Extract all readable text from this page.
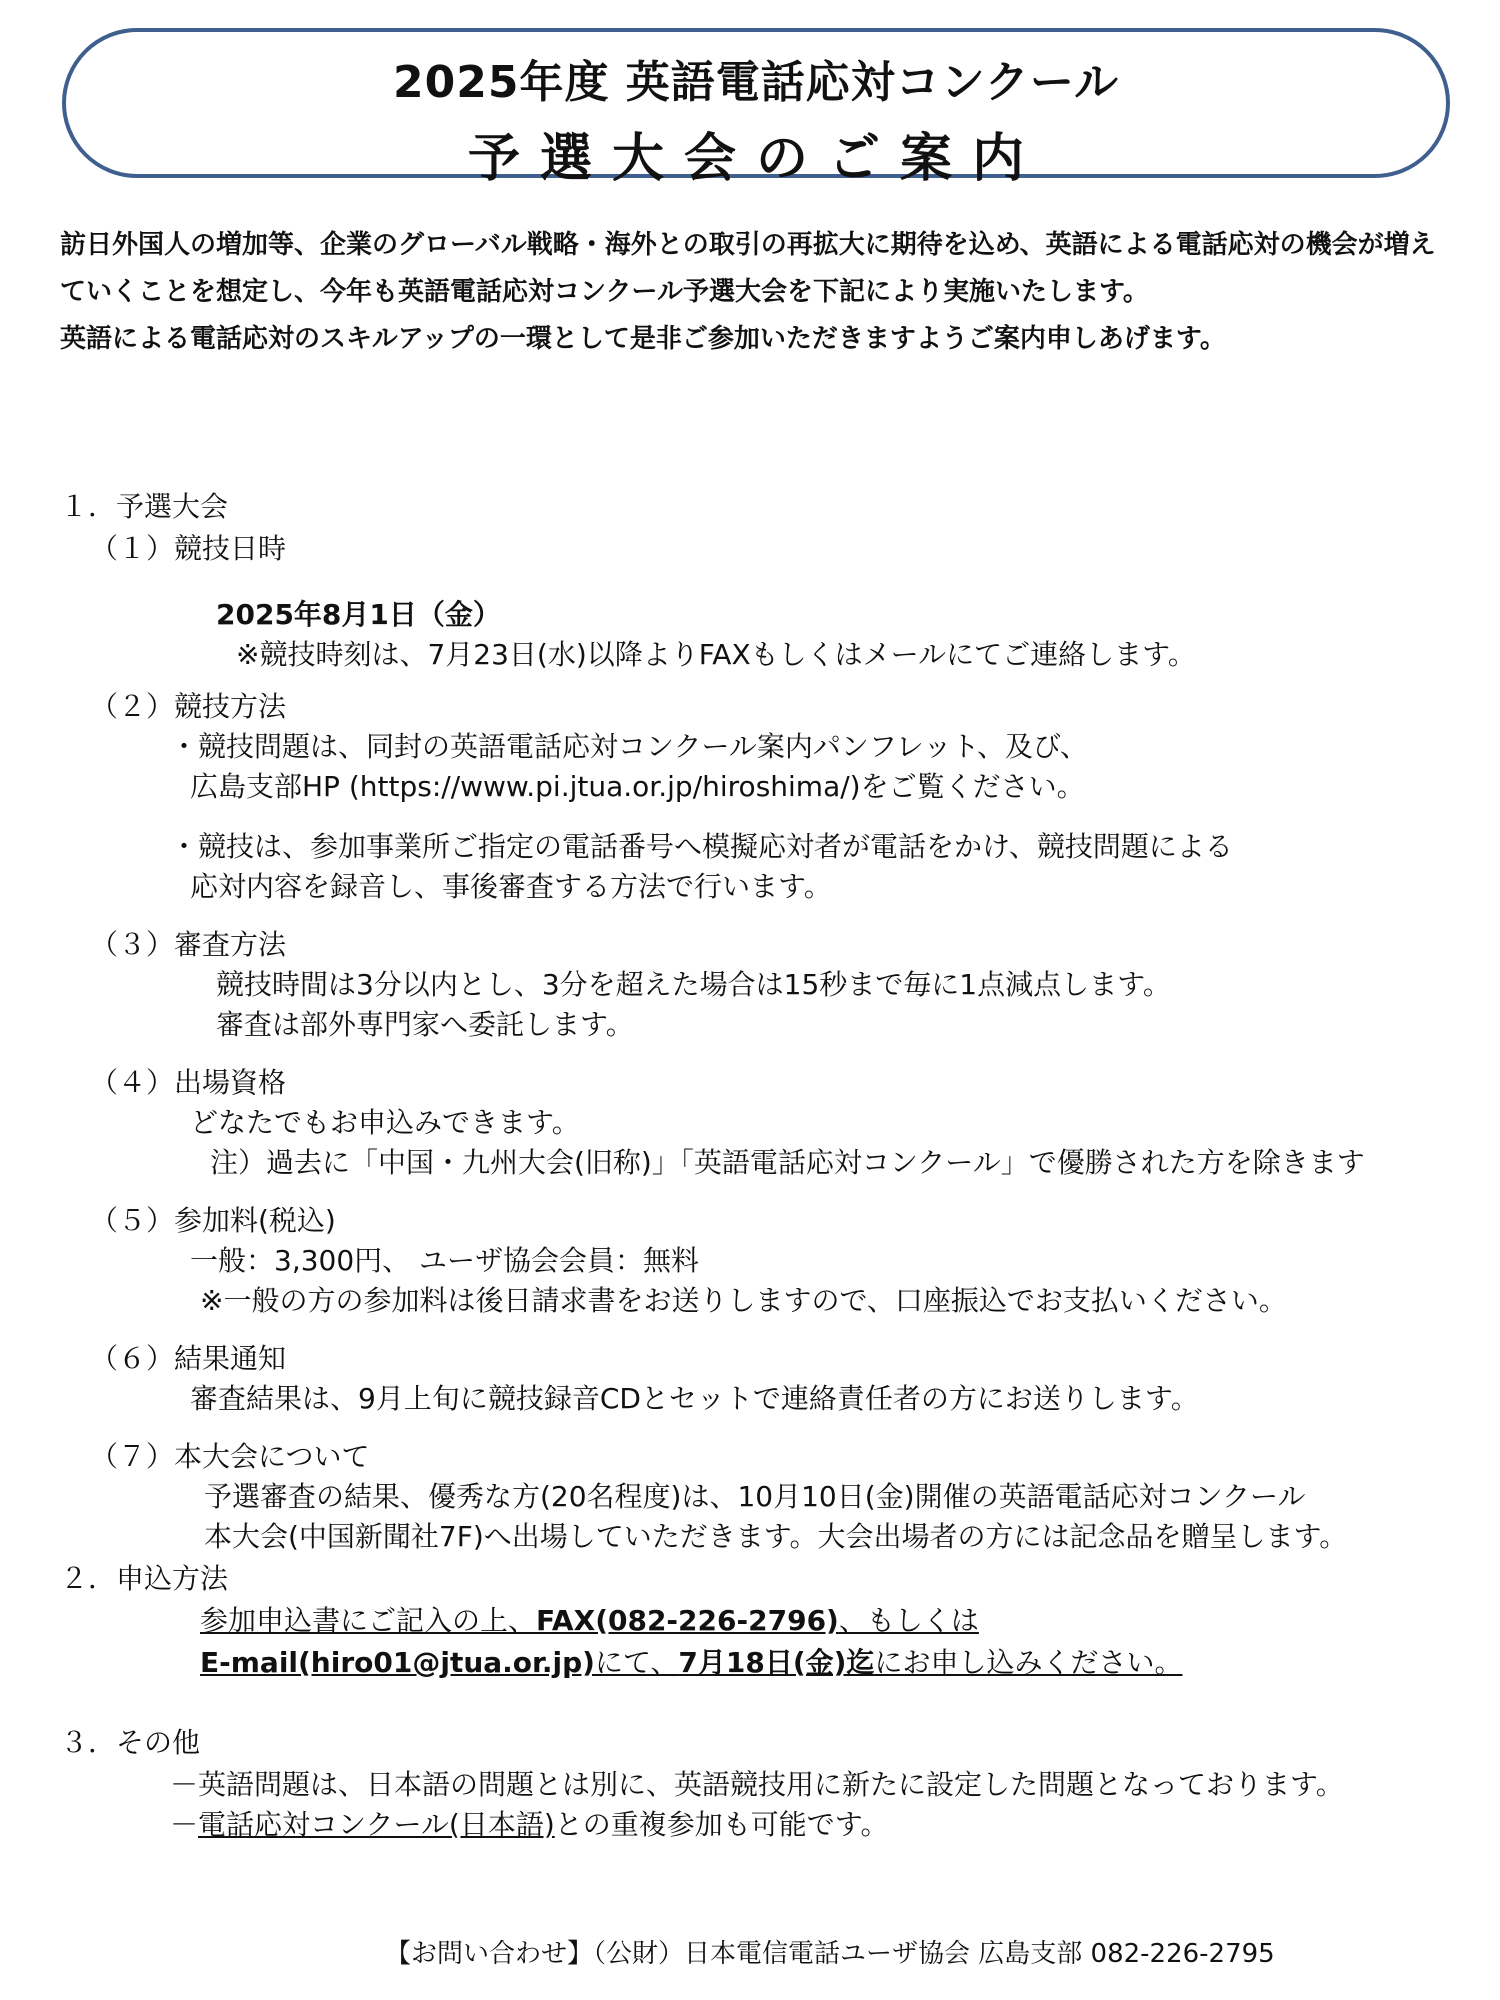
2025年度 英語電話応対コンクール
予選大会のご案内
訪日外国人の増加等、企業のグローバル戦略・海外との取引の再拡大に期待を込め、英語による電話応対の機会が増えていくことを想定し、今年も英語電話応対コンクール予選大会を下記により実施いたします。
英語による電話応対のスキルアップの一環として是非ご参加いただきますようご案内申しあげます。
１．予選大会
（１）競技日時
2025年8月1日（金）
※競技時刻は、7月23日(水)以降よりFAXもしくはメールにてご連絡します。
（２）競技方法
・競技問題は、同封の英語電話応対コンクール案内パンフレット、及び、
広島支部HP (https://www.pi.jtua.or.jp/hiroshima/)をご覧ください。
・競技は、参加事業所ご指定の電話番号へ模擬応対者が電話をかけ、競技問題による
応対内容を録音し、事後審査する方法で行います。
（３）審査方法
競技時間は3分以内とし、3分を超えた場合は15秒まで毎に1点減点します。
審査は部外専門家へ委託します。
（４）出場資格
どなたでもお申込みできます。
注）過去に「中国・九州大会(旧称)」「英語電話応対コンクール」で優勝された方を除きます
（５）参加料(税込)
一般：3,300円、 ユーザ協会会員：無料
※一般の方の参加料は後日請求書をお送りしますので、口座振込でお支払いください。
（６）結果通知
審査結果は、9月上旬に競技録音CDとセットで連絡責任者の方にお送りします。
（７）本大会について
予選審査の結果、優秀な方(20名程度)は、10月10日(金)開催の英語電話応対コンクール
本大会(中国新聞社7F)へ出場していただきます。大会出場者の方には記念品を贈呈します。
２．申込方法
参加申込書にご記入の上、FAX(082-226-2796)、もしくは
E-mail(hiro01@jtua.or.jp)にて、7月18日(金)迄にお申し込みください。
３．その他
－英語問題は、日本語の問題とは別に、英語競技用に新たに設定した問題となっております。
－電話応対コンクール(日本語)との重複参加も可能です。
【お問い合わせ】（公財）日本電信電話ユーザ協会 広島支部 082-226-2795
